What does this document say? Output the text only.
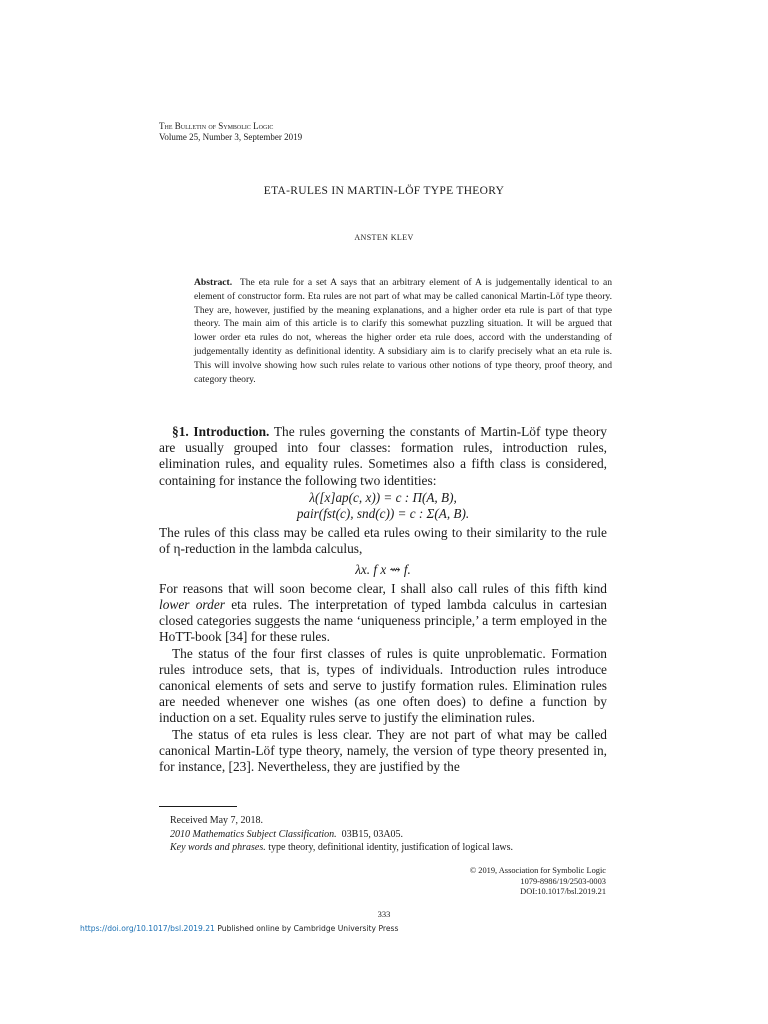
The Bulletin of Symbolic Logic
Volume 25, Number 3, September 2019
ETA-RULES IN MARTIN-LÖF TYPE THEORY
ANSTEN KLEV
Abstract. The eta rule for a set A says that an arbitrary element of A is judgementally identical to an element of constructor form. Eta rules are not part of what may be called canonical Martin-Löf type theory. They are, however, justified by the meaning explanations, and a higher order eta rule is part of that type theory. The main aim of this article is to clarify this somewhat puzzling situation. It will be argued that lower order eta rules do not, whereas the higher order eta rule does, accord with the understanding of judgementally identity as definitional identity. A subsidiary aim is to clarify precisely what an eta rule is. This will involve showing how such rules relate to various other notions of type theory, proof theory, and category theory.

§1. Introduction. The rules governing the constants of Martin-Löf type theory are usually grouped into four classes: formation rules, introduction rules, elimination rules, and equality rules. Sometimes also a fifth class is considered, containing for instance the following two identities:

λ([x]ap(c, x)) = c : Π(A, B),
pair(fst(c), snd(c)) = c : Σ(A, B).

The rules of this class may be called eta rules owing to their similarity to the rule of η-reduction in the lambda calculus,

λx. f x ⇝ f.

For reasons that will soon become clear, I shall also call rules of this fifth kind lower order eta rules. The interpretation of typed lambda calculus in cartesian closed categories suggests the name ‘uniqueness principle,’ a term employed in the HoTT-book [34] for these rules.

The status of the four first classes of rules is quite unproblematic. Formation rules introduce sets, that is, types of individuals. Introduction rules introduce canonical elements of sets and serve to justify formation rules. Elimination rules are needed whenever one wishes (as one often does) to define a function by induction on a set. Equality rules serve to justify the elimination rules.

The status of eta rules is less clear. They are not part of what may be called canonical Martin-Löf type theory, namely, the version of type theory presented in, for instance, [23]. Nevertheless, they are justified by the

Received May 7, 2018.
2010 Mathematics Subject Classification. 03B15, 03A05.
Key words and phrases. type theory, definitional identity, justification of logical laws.
© 2019, Association for Symbolic Logic
1079-8986/19/2503-0003
DOI:10.1017/bsl.2019.21
333
https://doi.org/10.1017/bsl.2019.21 Published online by Cambridge University Press
